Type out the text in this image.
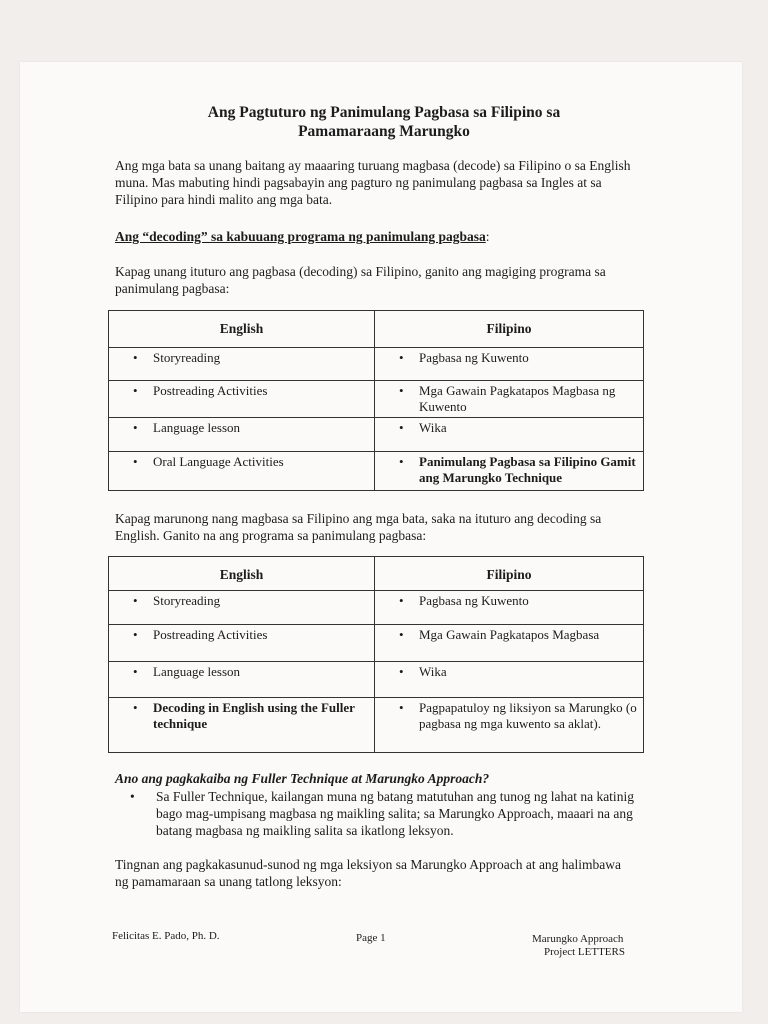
Ang Pagtuturo ng Panimulang Pagbasa sa Filipino sa
Pamamaraang Marungko
Ang mga bata sa unang baitang ay maaaring turuang magbasa (decode) sa Filipino o sa English muna. Mas mabuting hindi pagsabayin ang pagturo ng panimulang pagbasa sa Ingles at sa Filipino para hindi malito ang mga bata.
Ang “decoding” sa kabuuang programa ng panimulang pagbasa:
Kapag unang ituturo ang pagbasa (decoding) sa Filipino, ganito ang magiging programa sa panimulang pagbasa:
English	Filipino

• Storyreading	• Pagbasa ng Kuwento

• Postreading Activities	• Mga Gawain Pagkatapos Magbasa ng Kuwento

• Language lesson	• Wika

• Oral Language Activities	• Panimulang Pagbasa sa Filipino Gamit ang Marungko Technique
Kapag marunong nang magbasa sa Filipino ang mga bata, saka na ituturo ang decoding sa English. Ganito na ang programa sa panimulang pagbasa:
English	Filipino

• Storyreading	• Pagbasa ng Kuwento

• Postreading Activities	• Mga Gawain Pagkatapos Magbasa

• Language lesson	• Wika

• Decoding in English using the Fuller technique	• Pagpapatuloy ng liksiyon sa Marungko (o pagbasa ng mga kuwento sa aklat).
Ano ang pagkakaiba ng Fuller Technique at Marungko Approach?
•	Sa Fuller Technique, kailangan muna ng batang matutuhan ang tunog ng lahat na katinig bago mag-umpisang magbasa ng maikling salita; sa Marungko Approach, maaari na ang batang magbasa ng maikling salita sa ikatlong leksyon.
Tingnan ang pagkakasunud-sunod ng mga leksiyon sa Marungko Approach at ang halimbawa ng pamamaraan sa unang tatlong leksyon:
Felicitas E. Pado, Ph. D.	Page 1	Marungko Approach
Project LETTERS
